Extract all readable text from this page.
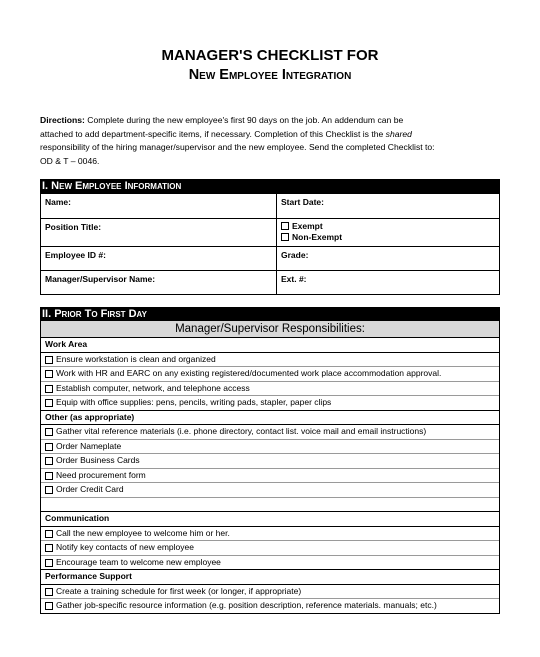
MANAGER'S CHECKLIST FOR
New Employee Integration
Directions: Complete during the new employee's first 90 days on the job. An addendum can be
attached to add department-specific items, if necessary. Completion of this Checklist is the shared
responsibility of the hiring manager/supervisor and the new employee. Send the completed Checklist to:
OD & T – 0046.
I. New Employee Information
Name:	Start Date:
Position Title:	Exempt
Non-Exempt

Employee ID #:	Grade:
Manager/Supervisor Name:	Ext. #:
II. Prior To First Day
Manager/Supervisor Responsibilities:
Work Area
Ensure workstation is clean and organized
Work with HR and EARC on any existing registered/documented work place accommodation approval.
Establish computer, network, and telephone access
Equip with office supplies: pens, pencils, writing pads, stapler, paper clips
Other (as appropriate)
Gather vital reference materials (i.e. phone directory, contact list. voice mail and email instructions)
Order Nameplate
Order Business Cards
Need procurement form
Order Credit Card
Communication
Call the new employee to welcome him or her.
Notify key contacts of new employee
Encourage team to welcome new employee
Performance Support
Create a training schedule for first week (or longer, if appropriate)
Gather job-specific resource information (e.g. position description, reference materials. manuals; etc.)
